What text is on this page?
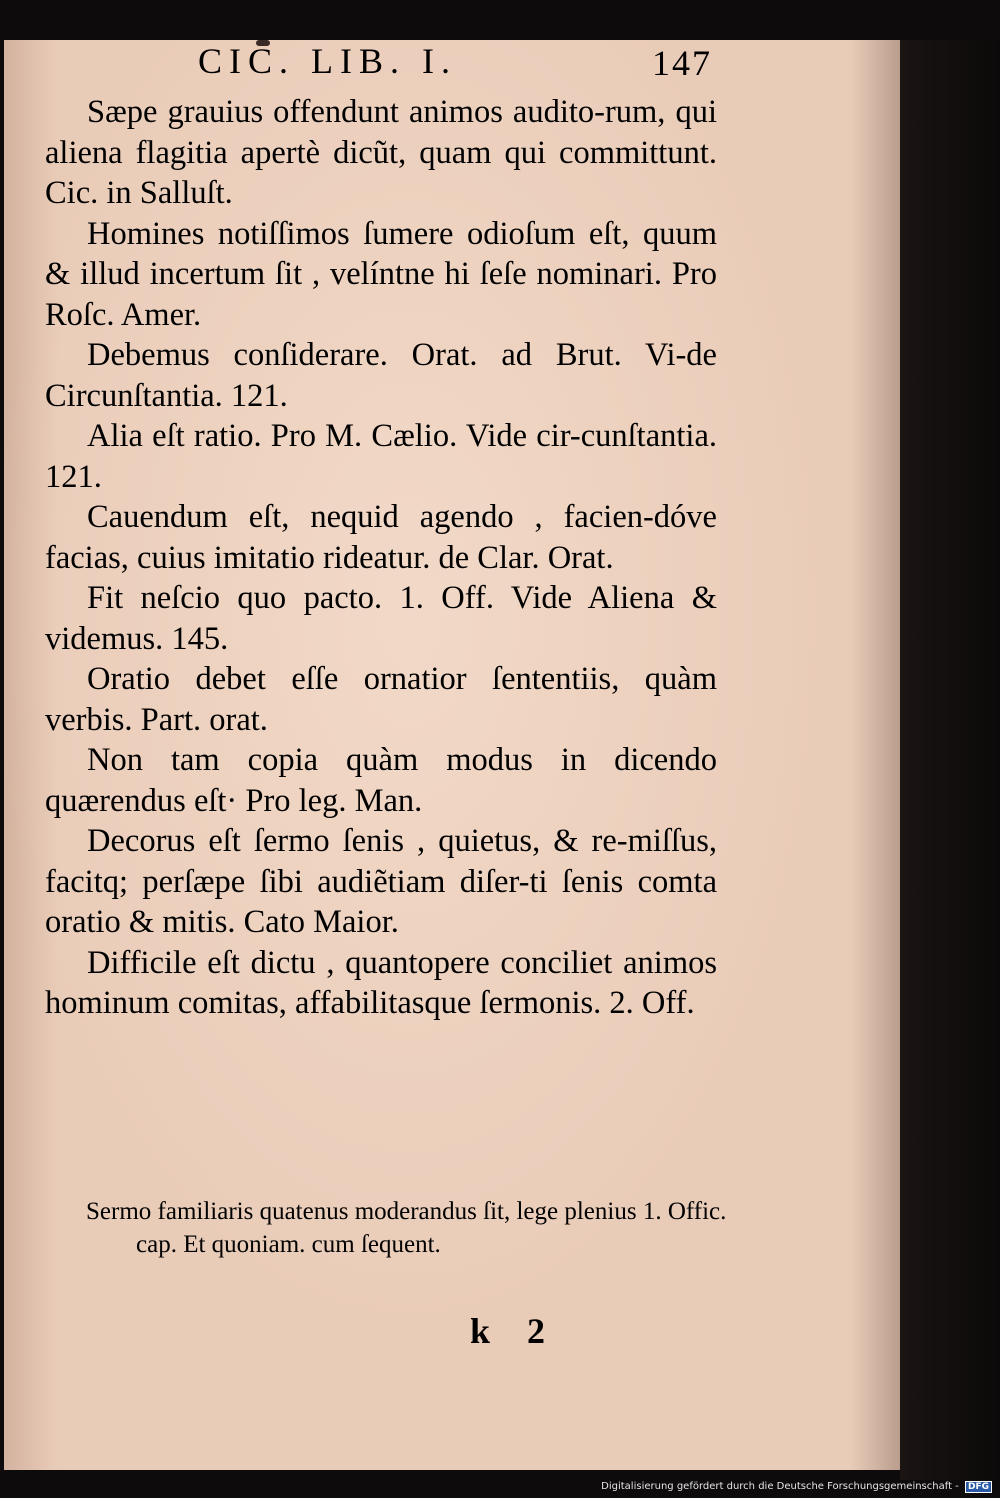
CIC. LIB. I.	147

Sæpe grauius offendunt animos audito-rum, qui aliena flagitia apertè dicũt, quam qui committunt. Cic. in Salluſt.

Homines notiſſimos ſumere odioſum eſt, quum & illud incertum ſit , velíntne hi ſeſe nominari. Pro Roſc. Amer.

Debemus conſiderare. Orat. ad Brut. Vi-de Circunſtantia. 121.

Alia eſt ratio. Pro M. Cælio. Vide cir-cunſtantia. 121.

Cauendum eſt, nequid agendo , facien-dóve facias, cuius imitatio rideatur. de Clar. Orat.

Fit neſcio quo pacto. 1. Off. Vide Aliena & videmus. 145.

Oratio debet eſſe ornatior ſententiis, quàm verbis. Part. orat.

Non tam copia quàm modus in dicendo quærendus eſt· Pro leg. Man.

Decorus eſt ſermo ſenis , quietus, & re-miſſus, facitq; perſæpe ſibi audiẽtiam diſer-ti ſenis comta oratio & mitis. Cato Maior.

Difficile eſt dictu , quantopere conciliet animos hominum comitas, affabilitasque ſermonis. 2. Off.

Sermo familiaris quatenus moderandus ſit, lege plenius 1. Offic. cap. Et quoniam. cum ſequent.

k 2
Digitalisierung gefördert durch die Deutsche Forschungsgemeinschaft - DFG
